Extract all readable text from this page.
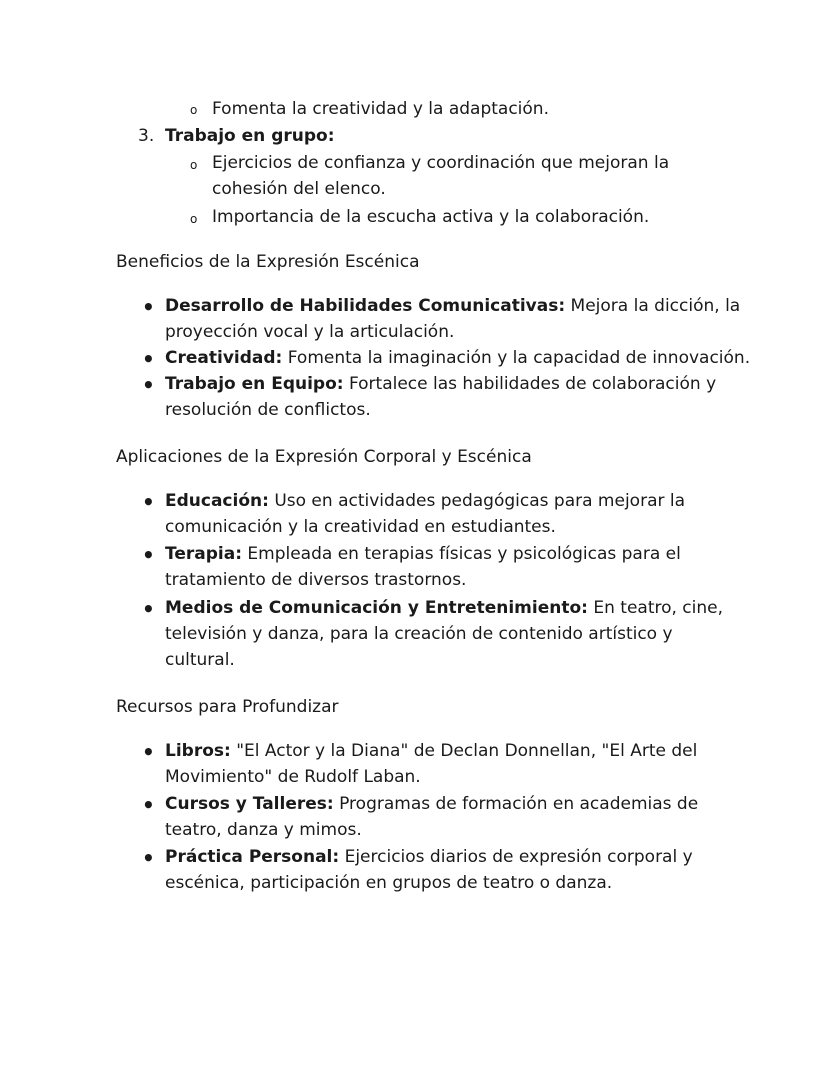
o Fomenta la creatividad y la adaptación.
3. Trabajo en grupo:
o Ejercicios de confianza y coordinación que mejoran la
cohesión del elenco.
o Importancia de la escucha activa y la colaboración.
Beneficios de la Expresión Escénica
• Desarrollo de Habilidades Comunicativas: Mejora la dicción, la
proyección vocal y la articulación.
• Creatividad: Fomenta la imaginación y la capacidad de innovación.
• Trabajo en Equipo: Fortalece las habilidades de colaboración y
resolución de conflictos.
Aplicaciones de la Expresión Corporal y Escénica
• Educación: Uso en actividades pedagógicas para mejorar la
comunicación y la creatividad en estudiantes.
• Terapia: Empleada en terapias físicas y psicológicas para el
tratamiento de diversos trastornos.
• Medios de Comunicación y Entretenimiento: En teatro, cine,
televisión y danza, para la creación de contenido artístico y
cultural.
Recursos para Profundizar
• Libros: "El Actor y la Diana" de Declan Donnellan, "El Arte del
Movimiento" de Rudolf Laban.
• Cursos y Talleres: Programas de formación en academias de
teatro, danza y mimos.
• Práctica Personal: Ejercicios diarios de expresión corporal y
escénica, participación en grupos de teatro o danza.
